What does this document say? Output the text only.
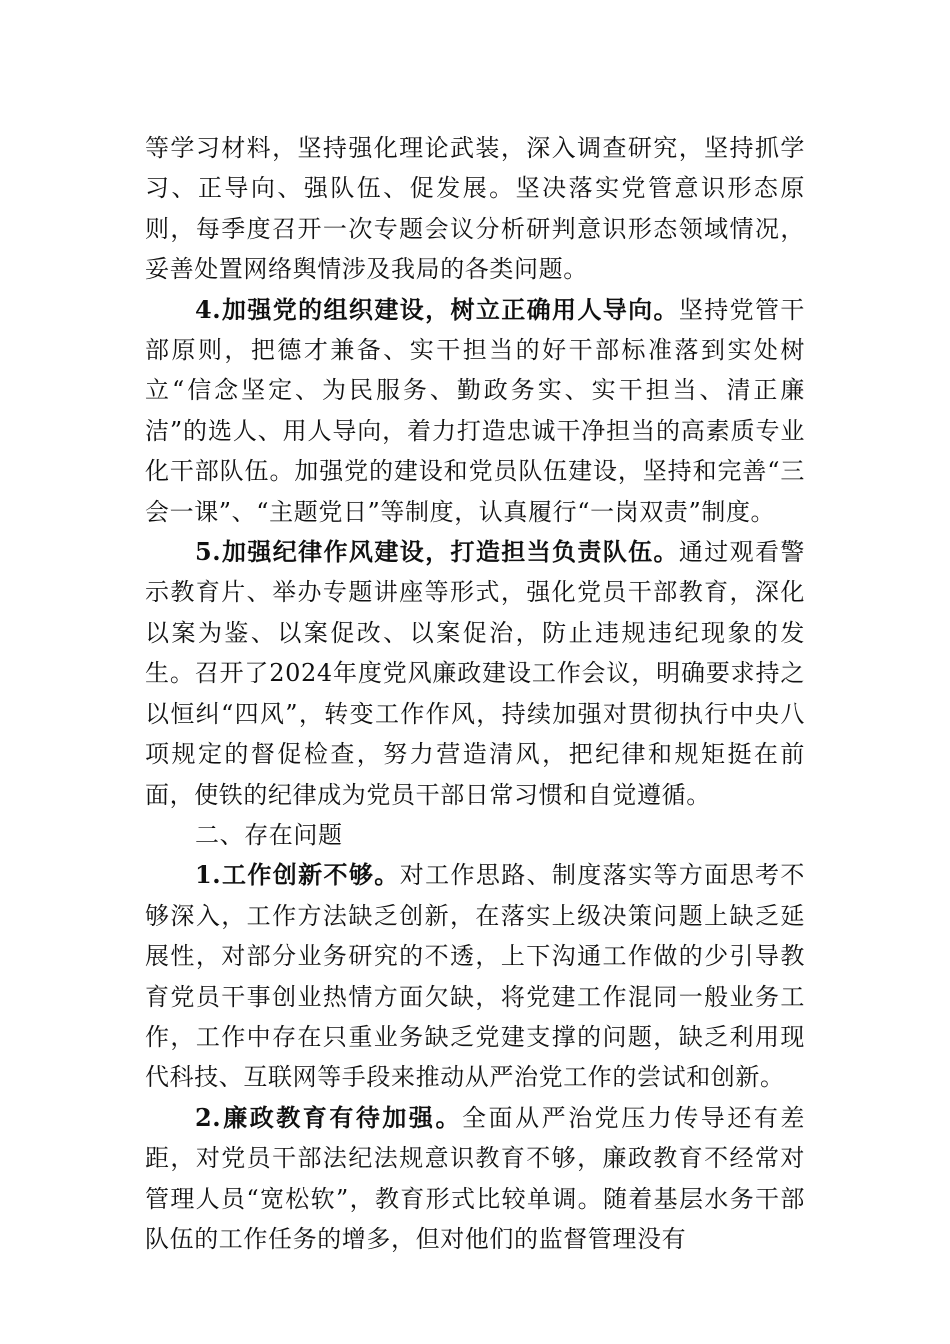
等学习材料，坚持强化理论武装，深入调查研究，坚持抓学习、正导向、强队伍、促发展。坚决落实党管意识形态原则，每季度召开一次专题会议分析研判意识形态领域情况，妥善处置网络舆情涉及我局的各类问题。

4.加强党的组织建设，树立正确用人导向。坚持党管干部原则，把德才兼备、实干担当的好干部标准落到实处树立“信念坚定、为民服务、勤政务实、实干担当、清正廉洁”的选人、用人导向，着力打造忠诚干净担当的高素质专业化干部队伍。加强党的建设和党员队伍建设，坚持和完善“三会一课”、“主题党日”等制度，认真履行“一岗双责”制度。

5.加强纪律作风建设，打造担当负责队伍。通过观看警示教育片、举办专题讲座等形式，强化党员干部教育，深化以案为鉴、以案促改、以案促治，防止违规违纪现象的发生。召开了2024年度党风廉政建设工作会议，明确要求持之以恒纠“四风”，转变工作作风，持续加强对贯彻执行中央八项规定的督促检查，努力营造清风，把纪律和规矩挺在前面，使铁的纪律成为党员干部日常习惯和自觉遵循。

二、存在问题

1.工作创新不够。对工作思路、制度落实等方面思考不够深入，工作方法缺乏创新，在落实上级决策问题上缺乏延展性，对部分业务研究的不透，上下沟通工作做的少引导教育党员干事创业热情方面欠缺，将党建工作混同一般业务工作，工作中存在只重业务缺乏党建支撑的问题，缺乏利用现代科技、互联网等手段来推动从严治党工作的尝试和创新。

2.廉政教育有待加强。全面从严治党压力传导还有差距，对党员干部法纪法规意识教育不够，廉政教育不经常对管理人员“宽松软”，教育形式比较单调。随着基层水务干部队伍的工作任务的增多，但对他们的监督管理没有
